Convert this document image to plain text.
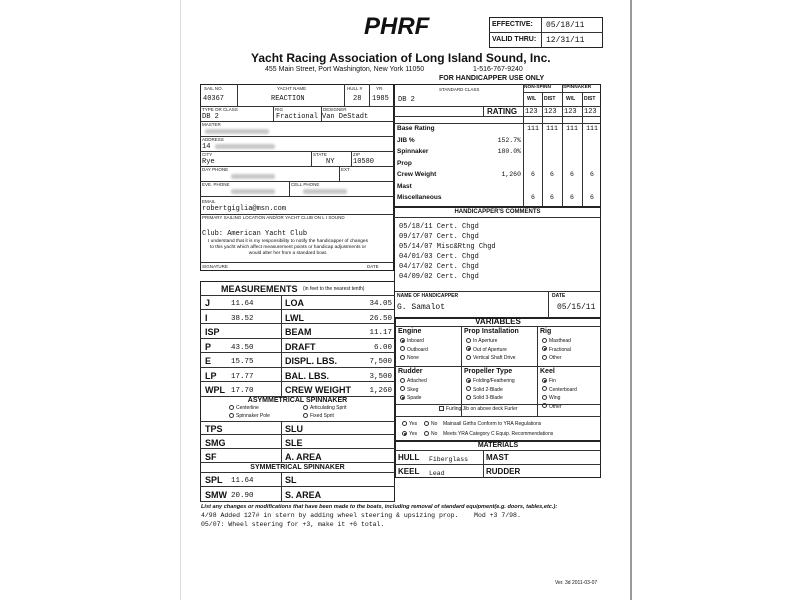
PHRF	EFFECTIVE: 05/18/11
VALID THRU: 12/31/11
Yacht Racing Association of Long Island Sound, Inc.
455 Main Street, Port Washington, New York 11050	1-516-767-9240
FOR HANDICAPPER USE ONLY
SAIL NO.
40367
YACHT NAME
REACTION
HULL #
28
YR.
1985
TYPE OR CLASS
DB 2
RIG
Fractional
DESIGNER
Van DeStadt
MASTER
ADDRESS
14
CITY
Rye
STATE
NY
ZIP
10580
DAY PHONE	EXT
EVE. PHONE	CELL PHONE
EMAIL
robertgiglia@msn.com
PRIMARY SAILING LOCATION AND/OR YACHT CLUB ON L I SOUND
Club: American Yacht Club
I understand that it is my responsibility to notify the handicapper of changes to this yacht which affect measurement points or handicap adjustments or would alter her from a standard boat.
SIGNATURE	DATE
STANDARD CLASS
DB 2
NON-SPINN	SPINNAKER
W/L DIST W/L DIST
RATING 123 123 123 123
Base Rating	111	111	111	111
JIB %	152.7%
Spinnaker	180.0%
Prop
Crew Weight	1,260	6	6	6	6
Mast
Miscellaneous	6	6	6	6
HANDICAPPER'S COMMENTS
05/18/11 Cert. Chgd
09/17/07 Cert. Chgd
05/14/07 Misc&Rtng Chgd
04/01/03 Cert. Chgd
04/17/02 Cert. Chgd
04/09/02 Cert. Chgd
NAME OF HANDICAPPER
G. Samalot
DATE
05/15/11
MEASUREMENTS (in feet to the nearest tenth)
J	11.64	LOA	34.05
I	38.52	LWL	26.50
ISP	BEAM	11.17
P	43.50	DRAFT	6.00
E	15.75	DISPL. LBS.	7,500
LP 17.77	BAL. LBS.	3,500
WPL 17.70	CREW WEIGHT	1,260
ASYMMETRICAL SPINNAKER
Centerline	Articulating Sprit
Spinnaker Pole	Fixed Sprit
TPS	SLU
SMG	SLE
SF	A. AREA
SYMMETRICAL SPINNAKER
SPL 11.64	SL
SMW 20.90	S. AREA
VARIABLES
Engine
Inboard
Outboard
None
Prop Installation
In Aperture
Out of Aperture
Vertical Shaft Drive
Rig
Masthead
Fractional
Other
Rudder
Attached
Skeg
Spade
Propeller Type
Folding/Feathering
Solid 2-Blade
Solid 3-Blade
Keel
Fin
Centerboard
Wing
Other
Furling Jib on above deck Furler
Yes	No Mainsail Girths Conform to YRA Regulations
Yes	No Meets YRA Category C Equip. Recommendations
MATERIALS
HULL Fiberglass MAST
KEEL Lead	RUDDER
List any changes or modifications that have been made to the boats, including removal of standard equipment(e.g. doors, tables,etc.):
4/98 Added 127# in stern by adding wheel steering & upsizing prop.    Mod +3 7/98.
05/07: Wheel steering for +3, make it +6 total.
Ver. 3d 2011-03-07
